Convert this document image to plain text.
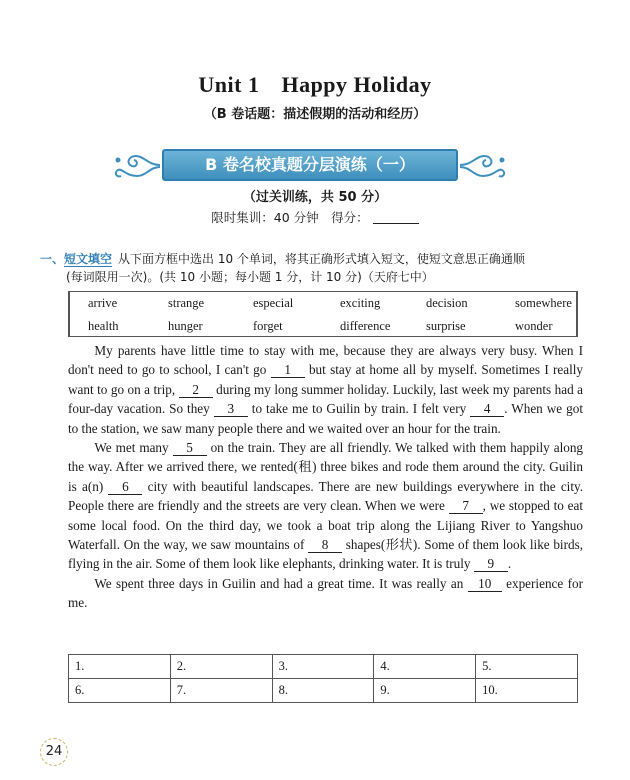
Unit 1 Happy Holiday
（B 卷话题：描述假期的活动和经历）
B 卷名校真题分层演练（一）
（过关训练，共 50 分）
限时集训：40 分钟　得分：
一、短文填空 从下面方框中选出 10 个单词，将其正确形式填入短文，使短文意思正确通顺
(每词限用一次)。(共 10 小题；每小题 1 分，计 10 分)（天府七中）
arrive	strange	especial	exciting	decision	somewhere
health	hunger	forget	difference	surprise	wonder

My parents have little time to stay with me, because they are always very busy. When I don't need to go to school, I can't go 1 but stay at home all by myself. Sometimes I really want to go on a trip, 2 during my long summer holiday. Luckily, last week my parents had a four-day vacation. So they 3 to take me to Guilin by train. I felt very 4 . When we got to the station, we saw many people there and we waited over an hour for the train.

We met many 5 on the train. They are all friendly. We talked with them happily along the way. After we arrived there, we rented(租) three bikes and rode them around the city. Guilin is a(n) 6 city with beautiful landscapes. There are new buildings everywhere in the city. People there are friendly and the streets are very clean. When we were 7 , we stopped to eat some local food. On the third day, we took a boat trip along the Lijiang River to Yangshuo Waterfall. On the way, we saw mountains of 8 shapes(形状). Some of them look like birds, flying in the air. Some of them look like elephants, drinking water. It is truly 9 .

We spent three days in Guilin and had a great time. It was really an 10 experience for me.

1.	2.	3.	4.	5.
6.	7.	8.	9.	10.
24
